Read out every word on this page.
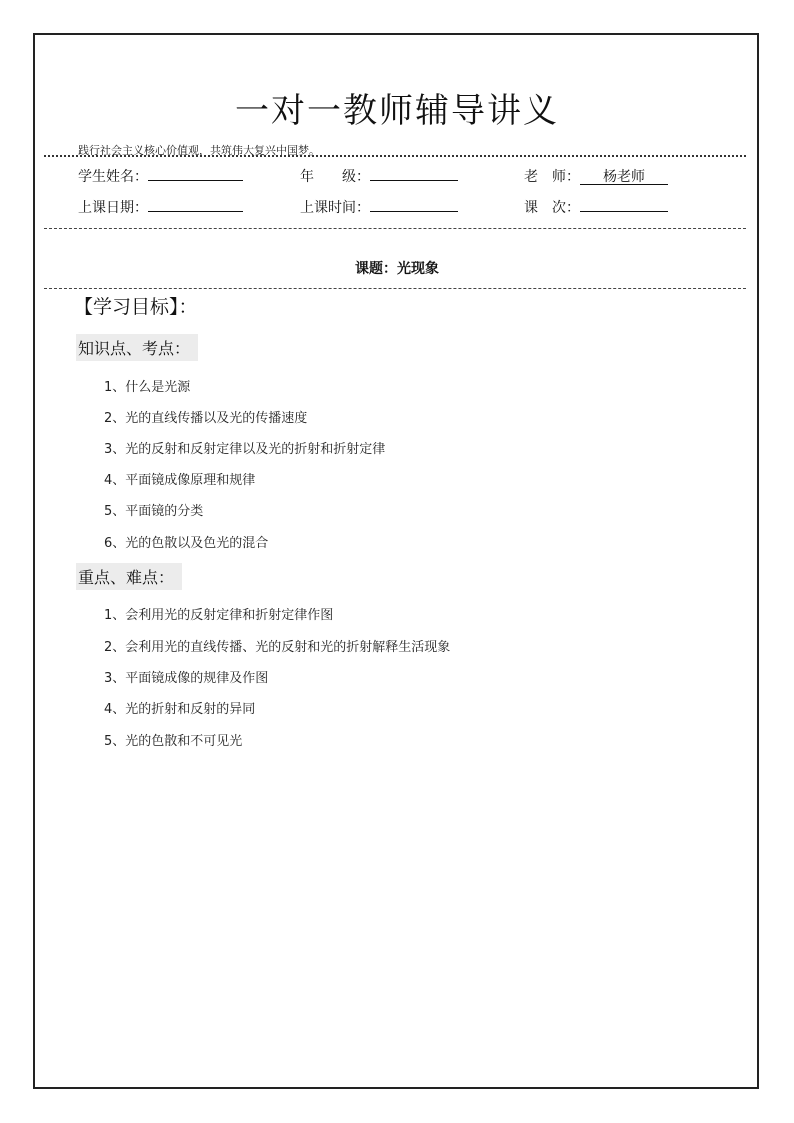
一对一教师辅导讲义
践行社会主义核心价值观，共筑伟大复兴中国梦。
学生姓名：	年　　级：	老　师： 杨老师
上课日期：	上课时间：	课　次：
课题：光现象
【学习目标】：
知识点、考点：
1、什么是光源
2、光的直线传播以及光的传播速度
3、光的反射和反射定律以及光的折射和折射定律
4、平面镜成像原理和规律
5、平面镜的分类
6、光的色散以及色光的混合
重点、难点：
1、会利用光的反射定律和折射定律作图
2、会利用光的直线传播、光的反射和光的折射解释生活现象
3、平面镜成像的规律及作图
4、光的折射和反射的异同
5、光的色散和不可见光
